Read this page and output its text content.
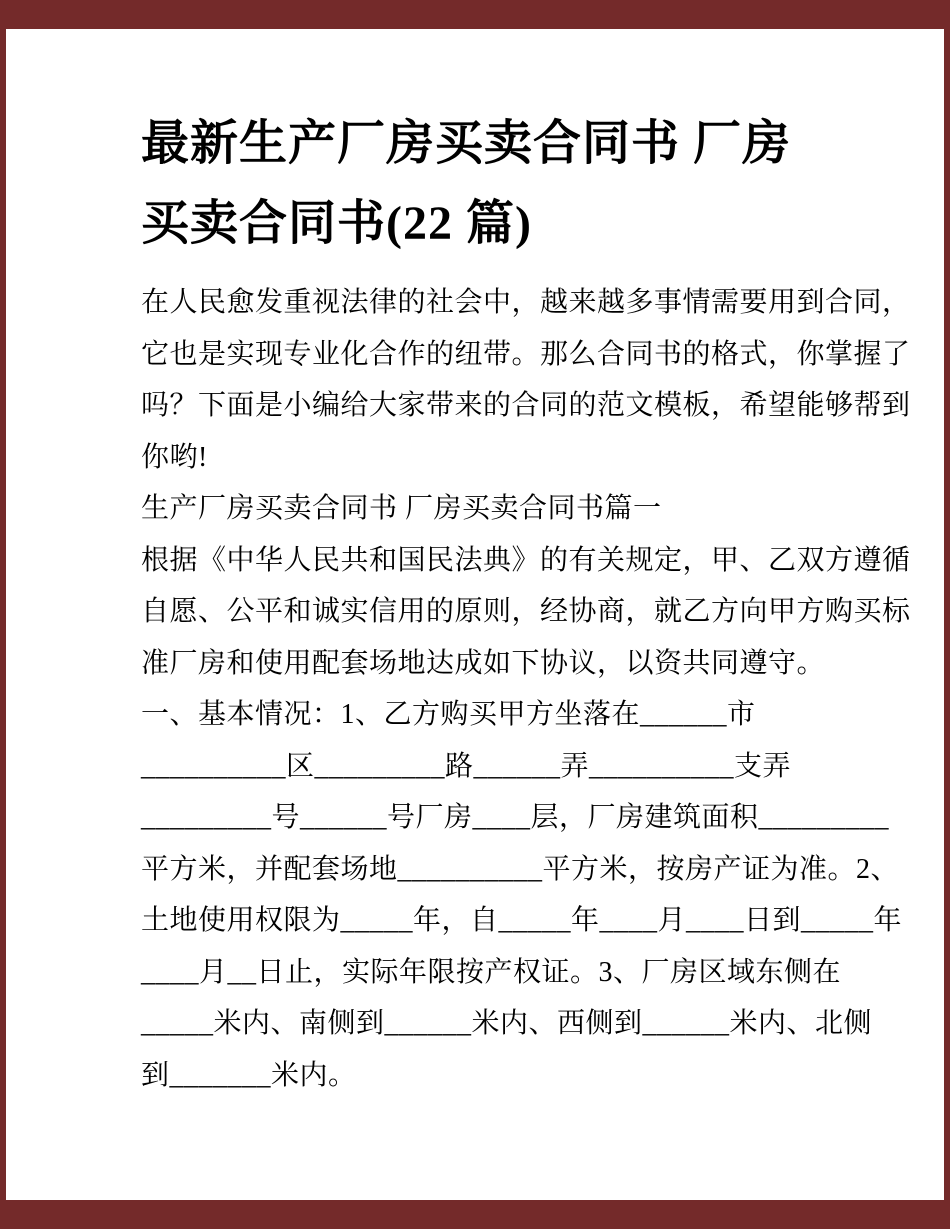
最新生产厂房买卖合同书 厂房
买卖合同书(22 篇)
在人民愈发重视法律的社会中，越来越多事情需要用到合同，
它也是实现专业化合作的纽带。那么合同书的格式，你掌握了
吗？下面是小编给大家带来的合同的范文模板，希望能够帮到
你哟!
生产厂房买卖合同书 厂房买卖合同书篇一
根据《中华人民共和国民法典》的有关规定，甲、乙双方遵循
自愿、公平和诚实信用的原则，经协商，就乙方向甲方购买标
准厂房和使用配套场地达成如下协议，以资共同遵守。
一、基本情况：1、乙方购买甲方坐落在______市
__________区_________路______弄__________支弄
_________号______号厂房____层，厂房建筑面积_________
平方米，并配套场地__________平方米，按房产证为准。2、
土地使用权限为_____年，自_____年____月____日到_____年
____月__日止，实际年限按产权证。3、厂房区域东侧在
_____米内、南侧到______米内、西侧到______米内、北侧
到_______米内。
